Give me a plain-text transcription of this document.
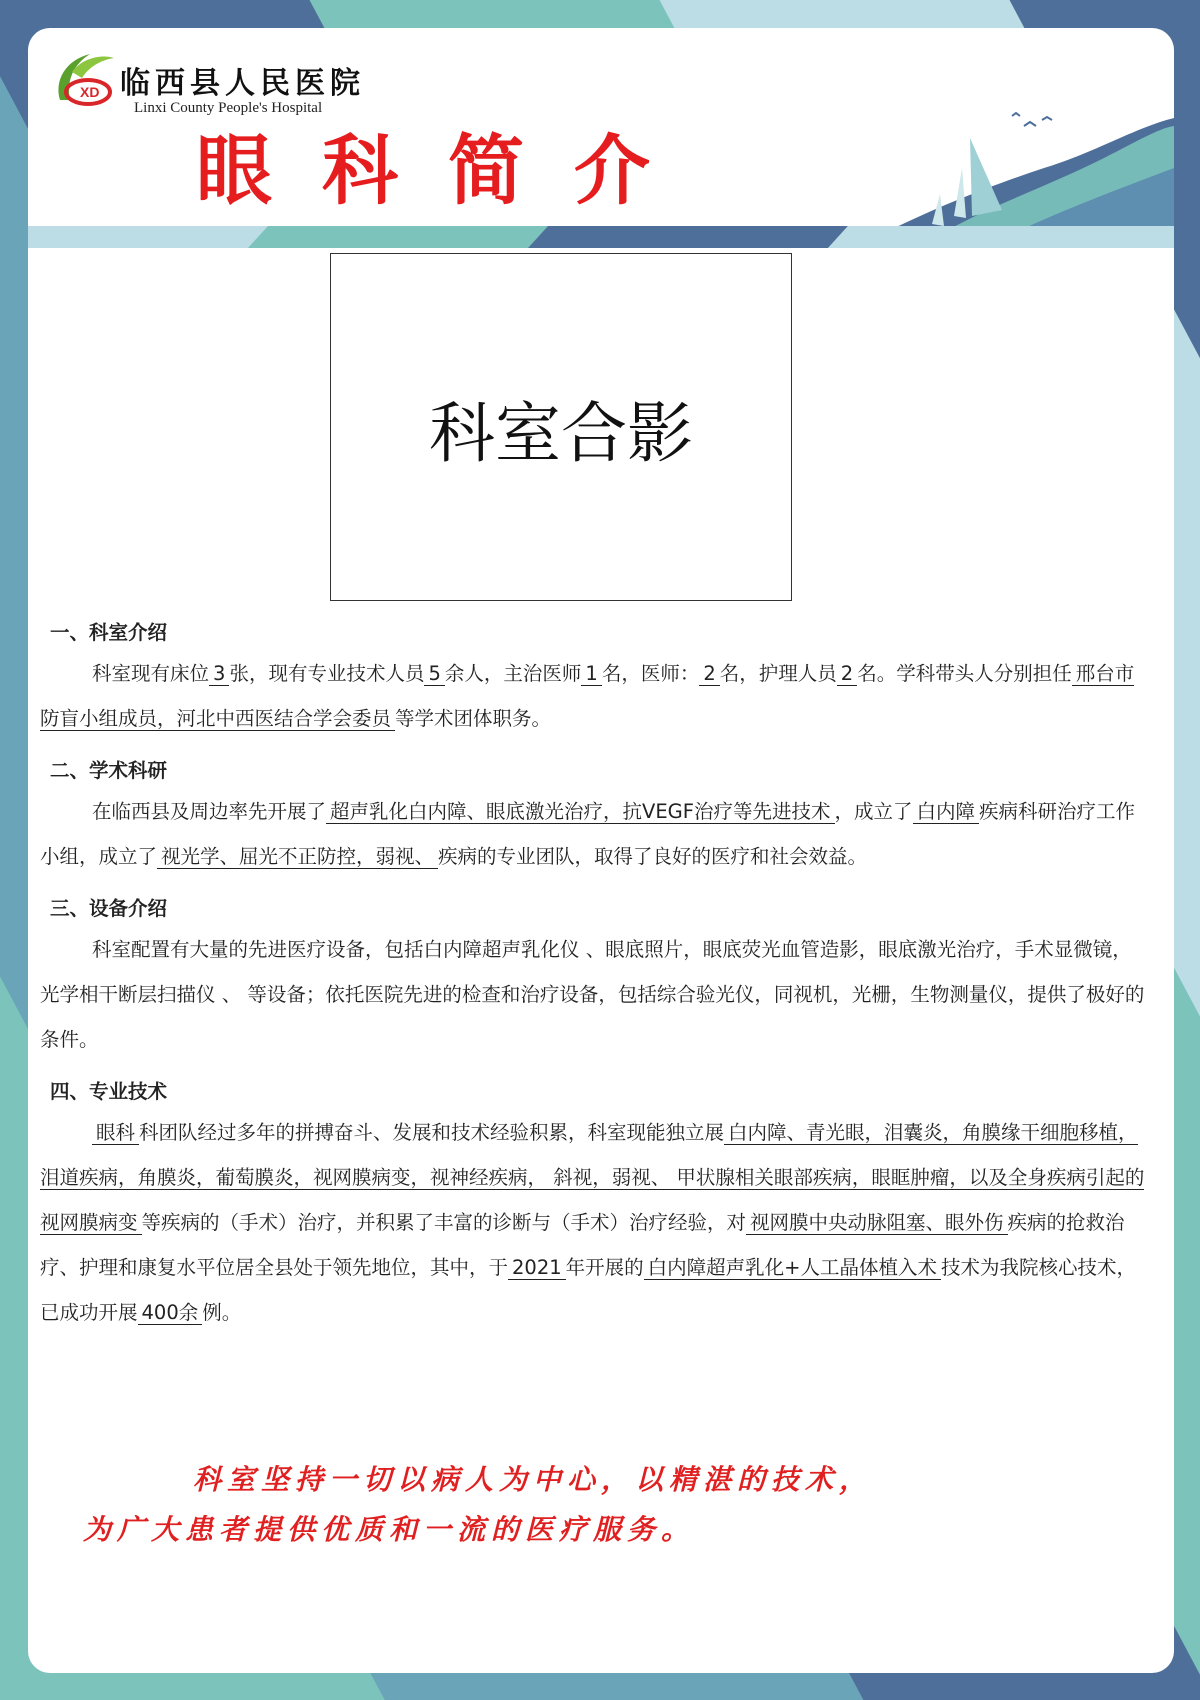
XD 临西县人民医院
Linxi County People's Hospital
眼科简介
科室合影
一、科室介绍

科室现有床位 3 张，现有专业技术人员 5 余人，主治医师 1 名，医师： 2 名，护理人员 2 名。学科带头人分别担任 邢台市防盲小组成员，河北中西医结合学会委员 等学术团体职务。

二、学术科研

在临西县及周边率先开展了 超声乳化白内障、眼底激光治疗，抗VEGF治疗等先进技术 ，成立了 白内障 疾病科研治疗工作小组，成立了 视光学、屈光不正防控，弱视、 疾病的专业团队，取得了良好的医疗和社会效益。

三、设备介绍

科室配置有大量的先进医疗设备，包括白内障超声乳化仪 、眼底照片，眼底荧光血管造影，眼底激光治疗，手术显微镜，光学相干断层扫描仪 、 等设备；依托医院先进的检查和治疗设备，包括综合验光仪，同视机，光栅，生物测量仪，提供了极好的条件。

四、专业技术

眼科 科团队经过多年的拼搏奋斗、发展和技术经验积累，科室现能独立展 白内障、青光眼，泪囊炎，角膜缘干细胞移植，泪道疾病，角膜炎，葡萄膜炎，视网膜病变，视神经疾病， 斜视，弱视、 甲状腺相关眼部疾病，眼眶肿瘤，以及全身疾病引起的视网膜病变 等疾病的（手术）治疗，并积累了丰富的诊断与（手术）治疗经验，对 视网膜中央动脉阻塞、眼外伤 疾病的抢救治疗、护理和康复水平位居全县处于领先地位，其中，于 2021 年开展的 白内障超声乳化+人工晶体植入术 技术为我院核心技术，已成功开展 400余 例。

科室坚持一切以病人为中心，以精湛的技术，
为广大患者提供优质和一流的医疗服务。
